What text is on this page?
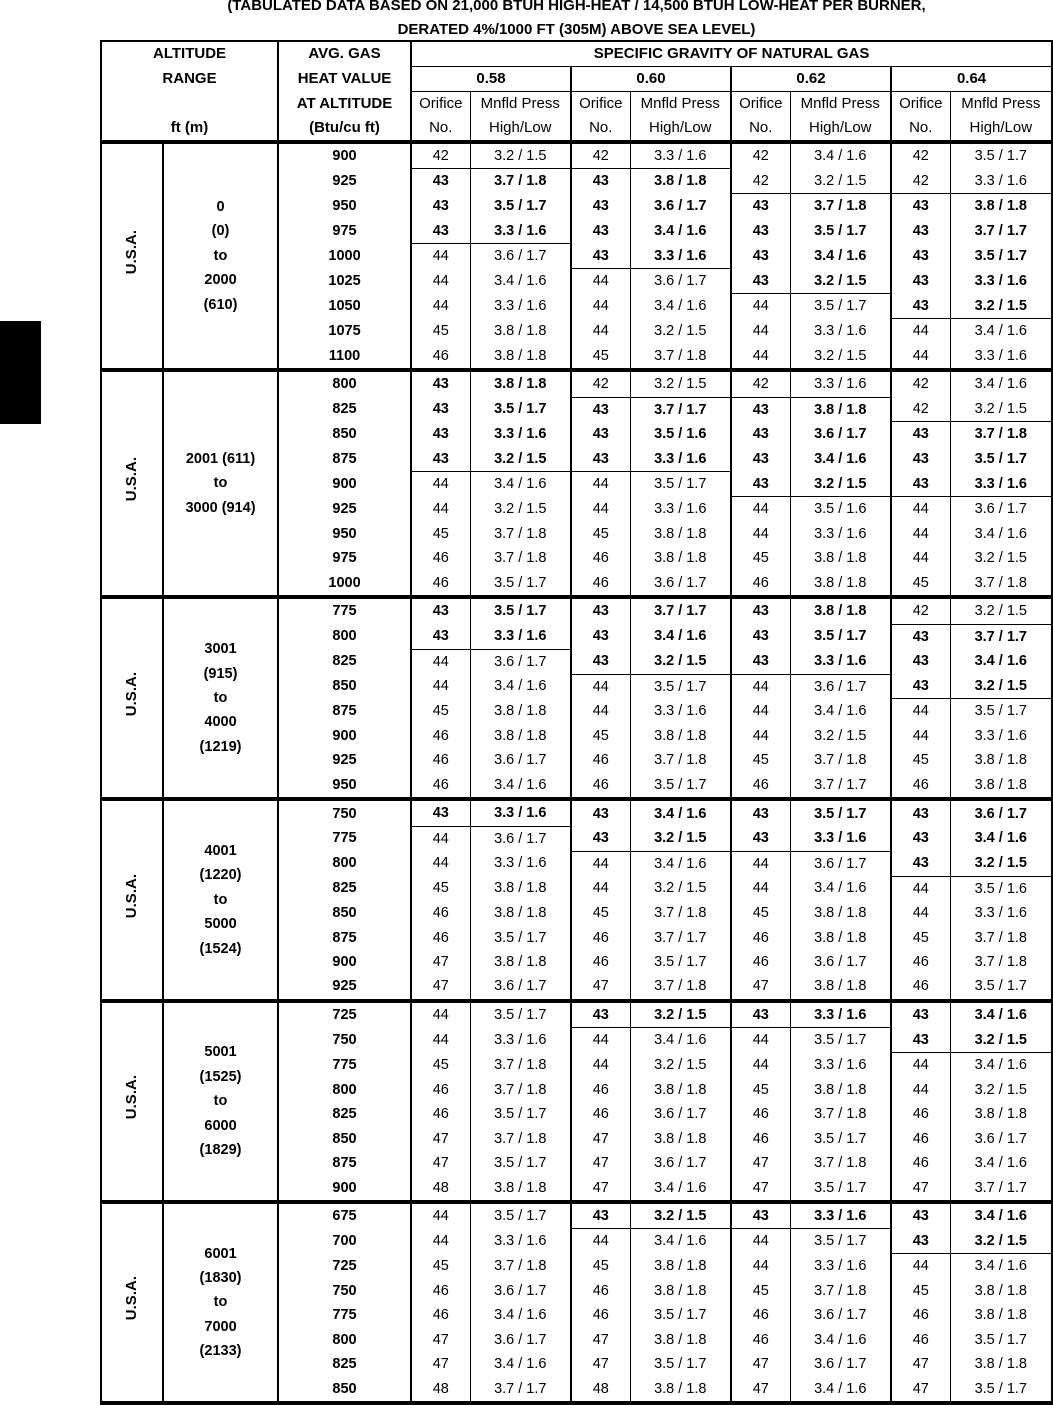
(TABULATED DATA BASED ON 21,000 BTUH HIGH-HEAT / 14,500 BTUH LOW-HEAT PER BURNER,
DERATED 4%/1000 FT (305M) ABOVE SEA LEVEL)
ALTITUDE		AVG. GAS	SPECIFIC GRAVITY OF NATURAL GAS							
RANGE		HEAT VALUE	0.58		0.60		0.62		0.64	
		AT ALTITUDE	Orifice	Mnfld Press	Orifice	Mnfld Press	Orifice	Mnfld Press	Orifice	Mnfld Press
ft (m)		(Btu/cu ft)	No.	High/Low	No.	High/Low	No.	High/Low	No.	High/Low
U.S.A.	0
(0)
to
2000
(610)	900	42	3.2 / 1.5	42	3.3 / 1.6	42	3.4 / 1.6	42	3.5 / 1.7
		925	43	3.7 / 1.8	43	3.8 / 1.8	42	3.2 / 1.5	42	3.3 / 1.6
		950	43	3.5 / 1.7	43	3.6 / 1.7	43	3.7 / 1.8	43	3.8 / 1.8
		975	43	3.3 / 1.6	43	3.4 / 1.6	43	3.5 / 1.7	43	3.7 / 1.7
		1000	44	3.6 / 1.7	43	3.3 / 1.6	43	3.4 / 1.6	43	3.5 / 1.7
		1025	44	3.4 / 1.6	44	3.6 / 1.7	43	3.2 / 1.5	43	3.3 / 1.6
		1050	44	3.3 / 1.6	44	3.4 / 1.6	44	3.5 / 1.7	43	3.2 / 1.5
		1075	45	3.8 / 1.8	44	3.2 / 1.5	44	3.3 / 1.6	44	3.4 / 1.6
		1100	46	3.8 / 1.8	45	3.7 / 1.8	44	3.2 / 1.5	44	3.3 / 1.6
U.S.A.	2001 (611)
to
3000 (914)	800	43	3.8 / 1.8	42	3.2 / 1.5	42	3.3 / 1.6	42	3.4 / 1.6
		825	43	3.5 / 1.7	43	3.7 / 1.7	43	3.8 / 1.8	42	3.2 / 1.5
		850	43	3.3 / 1.6	43	3.5 / 1.6	43	3.6 / 1.7	43	3.7 / 1.8
		875	43	3.2 / 1.5	43	3.3 / 1.6	43	3.4 / 1.6	43	3.5 / 1.7
		900	44	3.4 / 1.6	44	3.5 / 1.7	43	3.2 / 1.5	43	3.3 / 1.6
		925	44	3.2 / 1.5	44	3.3 / 1.6	44	3.5 / 1.6	44	3.6 / 1.7
		950	45	3.7 / 1.8	45	3.8 / 1.8	44	3.3 / 1.6	44	3.4 / 1.6
		975	46	3.7 / 1.8	46	3.8 / 1.8	45	3.8 / 1.8	44	3.2 / 1.5
		1000	46	3.5 / 1.7	46	3.6 / 1.7	46	3.8 / 1.8	45	3.7 / 1.8
U.S.A.	3001
(915)
to
4000
(1219)	775	43	3.5 / 1.7	43	3.7 / 1.7	43	3.8 / 1.8	42	3.2 / 1.5
		800	43	3.3 / 1.6	43	3.4 / 1.6	43	3.5 / 1.7	43	3.7 / 1.7
		825	44	3.6 / 1.7	43	3.2 / 1.5	43	3.3 / 1.6	43	3.4 / 1.6
		850	44	3.4 / 1.6	44	3.5 / 1.7	44	3.6 / 1.7	43	3.2 / 1.5
		875	45	3.8 / 1.8	44	3.3 / 1.6	44	3.4 / 1.6	44	3.5 / 1.7
		900	46	3.8 / 1.8	45	3.8 / 1.8	44	3.2 / 1.5	44	3.3 / 1.6
		925	46	3.6 / 1.7	46	3.7 / 1.8	45	3.7 / 1.8	45	3.8 / 1.8
		950	46	3.4 / 1.6	46	3.5 / 1.7	46	3.7 / 1.7	46	3.8 / 1.8
U.S.A.	4001
(1220)
to
5000
(1524)	750	43	3.3 / 1.6	43	3.4 / 1.6	43	3.5 / 1.7	43	3.6 / 1.7
		775	44	3.6 / 1.7	43	3.2 / 1.5	43	3.3 / 1.6	43	3.4 / 1.6
		800	44	3.3 / 1.6	44	3.4 / 1.6	44	3.6 / 1.7	43	3.2 / 1.5
		825	45	3.8 / 1.8	44	3.2 / 1.5	44	3.4 / 1.6	44	3.5 / 1.6
		850	46	3.8 / 1.8	45	3.7 / 1.8	45	3.8 / 1.8	44	3.3 / 1.6
		875	46	3.5 / 1.7	46	3.7 / 1.7	46	3.8 / 1.8	45	3.7 / 1.8
		900	47	3.8 / 1.8	46	3.5 / 1.7	46	3.6 / 1.7	46	3.7 / 1.8
		925	47	3.6 / 1.7	47	3.7 / 1.8	47	3.8 / 1.8	46	3.5 / 1.7
U.S.A.	5001
(1525)
to
6000
(1829)	725	44	3.5 / 1.7	43	3.2 / 1.5	43	3.3 / 1.6	43	3.4 / 1.6
		750	44	3.3 / 1.6	44	3.4 / 1.6	44	3.5 / 1.7	43	3.2 / 1.5
		775	45	3.7 / 1.8	44	3.2 / 1.5	44	3.3 / 1.6	44	3.4 / 1.6
		800	46	3.7 / 1.8	46	3.8 / 1.8	45	3.8 / 1.8	44	3.2 / 1.5
		825	46	3.5 / 1.7	46	3.6 / 1.7	46	3.7 / 1.8	46	3.8 / 1.8
		850	47	3.7 / 1.8	47	3.8 / 1.8	46	3.5 / 1.7	46	3.6 / 1.7
		875	47	3.5 / 1.7	47	3.6 / 1.7	47	3.7 / 1.8	46	3.4 / 1.6
		900	48	3.8 / 1.8	47	3.4 / 1.6	47	3.5 / 1.7	47	3.7 / 1.7
U.S.A.	6001
(1830)
to
7000
(2133)	675	44	3.5 / 1.7	43	3.2 / 1.5	43	3.3 / 1.6	43	3.4 / 1.6
		700	44	3.3 / 1.6	44	3.4 / 1.6	44	3.5 / 1.7	43	3.2 / 1.5
		725	45	3.7 / 1.8	45	3.8 / 1.8	44	3.3 / 1.6	44	3.4 / 1.6
		750	46	3.6 / 1.7	46	3.8 / 1.8	45	3.7 / 1.8	45	3.8 / 1.8
		775	46	3.4 / 1.6	46	3.5 / 1.7	46	3.6 / 1.7	46	3.8 / 1.8
		800	47	3.6 / 1.7	47	3.8 / 1.8	46	3.4 / 1.6	46	3.5 / 1.7
		825	47	3.4 / 1.6	47	3.5 / 1.7	47	3.6 / 1.7	47	3.8 / 1.8
		850	48	3.7 / 1.7	48	3.8 / 1.8	47	3.4 / 1.6	47	3.5 / 1.7
